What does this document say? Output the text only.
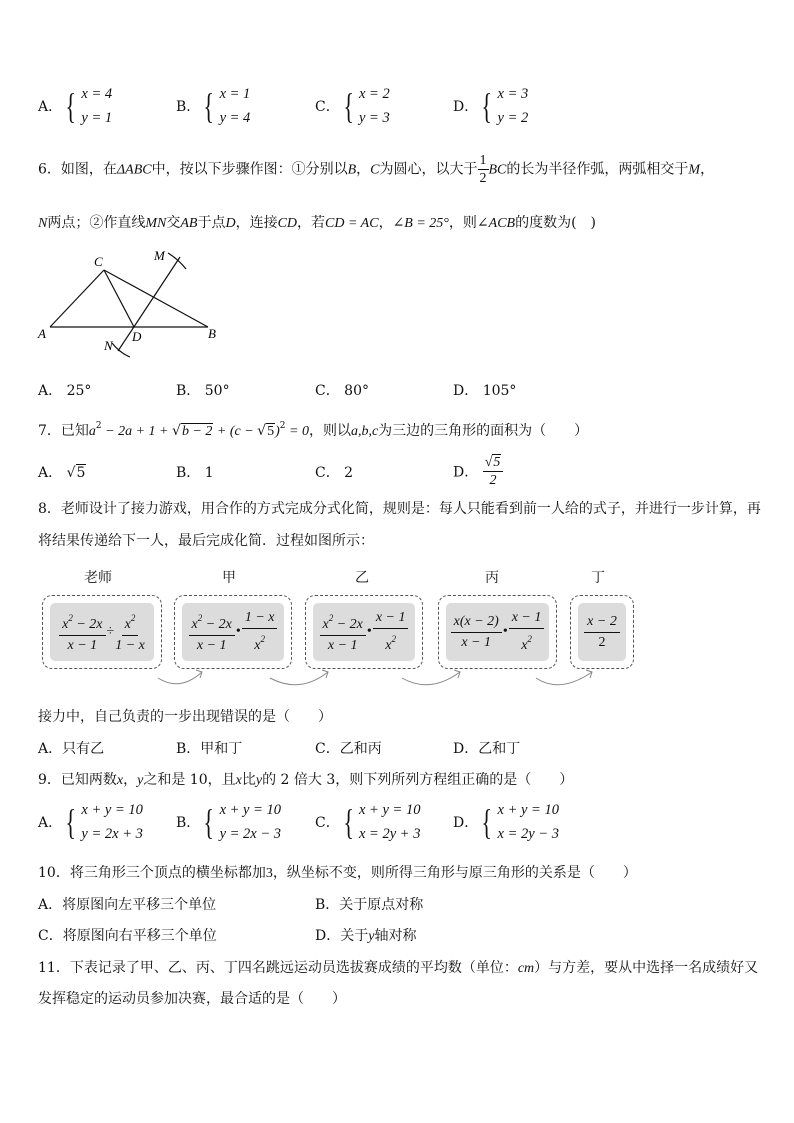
A． { x = 4
y = 1
B． { x = 1
y = 4
C． { x = 2
y = 3
D． { x = 3
y = 2
6．如图，在ΔABC中，按以下步骤作图：①分别以B，C为圆心，以大于 $\frac{1}{2}$ BC的长为半径作弧，两弧相交于M，
N两点；②作直线MN交AB于点D，连接CD，若CD = AC，∠B = 25°，则∠ACB的度数为(　)
C
A	B
D
M
N
A． 25°	B． 50°	C． 80°	D． 105°
7．已知$a^2 - 2a + 1 + √b - 2 + (c - √5)^2 = 0$，则以a,b,c为三边的三角形的面积为（　　）
A． √5	B． 1	C． 2	D． $\frac{√5}{2}$
8．老师设计了接力游戏，用合作的方式完成分式化简，规则是：每人只能看到前一人给的式子，并进行一步计算，再
将结果传递给下一人，最后完成化简．过程如图所示：
老师	甲	乙	丙	丁
$\frac{x^2 - 2x}{x - 1} \div \frac{x^2}{1 - x}$	$\frac{x^2 - 2x}{x - 1}$ • $\frac{1 - x}{x^2}$	$\frac{x^2 - 2x}{x - 1}$ • $\frac{x - 1}{x^2}$	$\frac{x(x - 2)}{x - 1}$ • $\frac{x - 1}{x^2}$	$\frac{x - 2}{2}$
接力中，自己负责的一步出现错误的是（　　）
A．只有乙	B．甲和丁	C．乙和丙	D．乙和丁
9．已知两数x，y之和是 10，且x比y的 2 倍大 3，则下列所列方程组正确的是（　　）
A． { x + y = 10
y = 2x + 3
B． { x + y = 10
y = 2x − 3
C． { x + y = 10
x = 2y + 3
D． { x + y = 10
x = 2y − 3
10．将三角形三个顶点的横坐标都加3，纵坐标不变，则所得三角形与原三角形的关系是（　　）
A．将原图向左平移三个单位	B．关于原点对称
C．将原图向右平移三个单位	D．关于y轴对称
11．下表记录了甲、乙、丙、丁四名跳远运动员选拔赛成绩的平均数（单位：cm）与方差，要从中选择一名成绩好又
发挥稳定的运动员参加决赛，最合适的是（　　）
